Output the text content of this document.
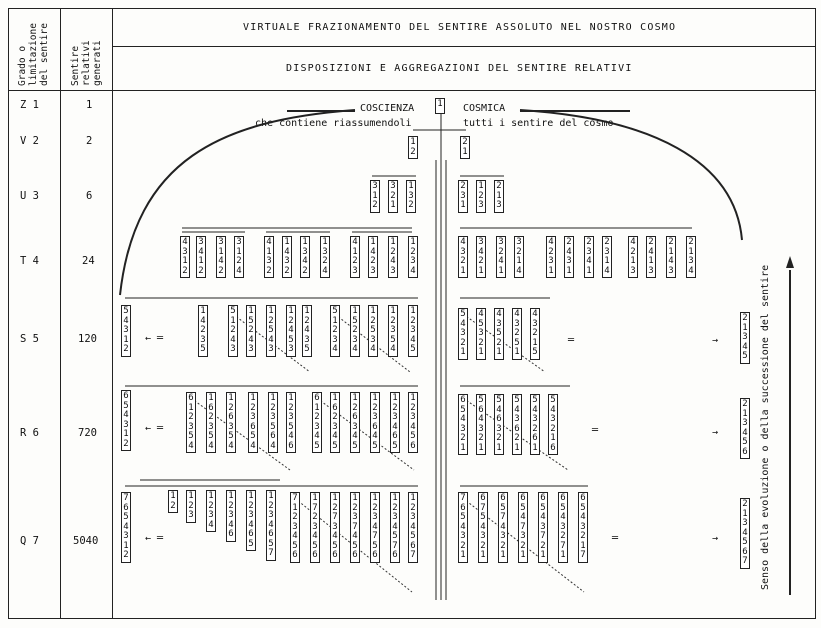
Grado o
limitazione
del sentire
Sentire
relativi
generati
VIRTUALE FRAZIONAMENTO DEL SENTIRE ASSOLUTO NEL NOSTRO COSMO
DISPOSIZIONI E AGGREGAZIONI DEL SENTIRE RELATIVI
Z 1	1
V 2	2
U 3	6
T 4	24
S 5	120
R 6	720
Q 7	5040
COSCIENZA	COSMICA
che contiene riassumendoli	tutti i sentire del cosmo
1
Senso della evoluzione o della successione del sentire
1
2
2
1
3
1
2
3
2
1
1
3
2
2
3
1
1
2
3
2
1
3
4
3
1
2
3
4
1
2
3
1
4
2
3
1
2
4
4
1
3
2
1
4
3
2
1
3
4
2
1
3
2
4
4
1
2
3
1
4
2
3
1
2
4
3
1
2
3
4
4
3
2
1
3
4
2
1
3
2
4
1
3
2
1
4
4
2
3
1
2
4
3
1
2
3
4
1
2
3
1
4
4
2
1
3
2
4
1
3
2
1
4
3
2
1
3
4
5
4
3
1
2
1
4
2
3
5
5
1
2
4
3
1
5
2
4
3
1
2
5
4
3
1
2
4
5
3
1
2
4
3
5
5
1
2
3
4
1
5
2
3
4
1
2
5
3
4
1
2
3
5
4
1
2
3
4
5
5
4
3
2
1
4
5
3
2
1
4
3
5
2
1
4
3
2
5
1
4
3
2
1
5
2
1
3
4
5
6
5
4
3
1
2
6
1
2
3
5
4
1
6
2
3
5
4
1
2
6
3
5
4
1
2
3
6
5
4
1
2
3
5
6
4
1
2
3
5
4
6
6
1
2
3
4
5
1
6
2
3
4
5
1
2
6
3
4
5
1
2
3
6
4
5
1
2
3
4
6
5
1
2
3
4
5
6
6
5
4
3
2
1
5
6
4
3
2
1
5
4
6
3
2
1
5
4
3
6
2
1
5
4
3
2
6
1
5
4
3
2
1
6
2
1
3
4
5
6
7
6
5
4
3
1
2
1
2
1
2
3
1
2
3
4
1
2
3
4
6
1
2
3
4
6
5
1
2
3
4
6
5
7
7
1
2
3
4
5
6
1
7
2
3
4
5
6
1
2
7
3
4
5
6
1
2
3
7
4
5
6
1
2
3
4
7
5
6
1
2
3
4
5
7
6
1
2
3
4
5
6
7
7
6
5
4
3
2
1
6
7
5
4
3
2
1
6
5
7
4
3
2
1
6
5
4
7
3
2
1
6
5
4
3
7
2
1
6
5
4
3
2
7
1
6
5
4
3
2
1
7
2
1
3
4
5
6
7
← ═
← ═
← ═
═
═
═
→
→
→
